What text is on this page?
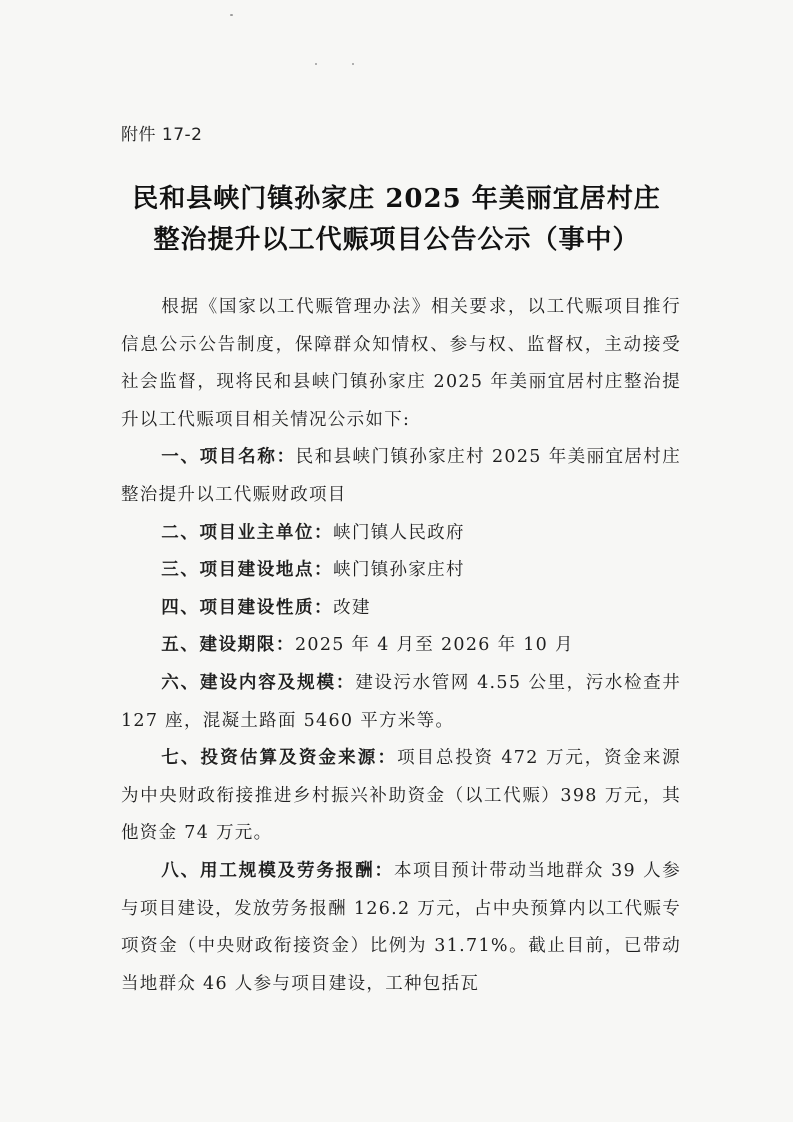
附件 17-2
民和县峡门镇孙家庄 2025 年美丽宜居村庄
整治提升以工代赈项目公告公示（事中）

根据《国家以工代赈管理办法》相关要求，以工代赈项目推行信息公示公告制度，保障群众知情权、参与权、监督权，主动接受社会监督，现将民和县峡门镇孙家庄 2025 年美丽宜居村庄整治提升以工代赈项目相关情况公示如下:

一、项目名称：民和县峡门镇孙家庄村 2025 年美丽宜居村庄整治提升以工代赈财政项目

二、项目业主单位：峡门镇人民政府

三、项目建设地点：峡门镇孙家庄村

四、项目建设性质：改建

五、建设期限：2025 年 4 月至 2026 年 10 月

六、建设内容及规模：建设污水管网 4.55 公里，污水检查井 127 座，混凝土路面 5460 平方米等。

七、投资估算及资金来源：项目总投资 472 万元，资金来源为中央财政衔接推进乡村振兴补助资金（以工代赈）398 万元，其他资金 74 万元。

八、用工规模及劳务报酬：本项目预计带动当地群众 39 人参与项目建设，发放劳务报酬 126.2 万元，占中央预算内以工代赈专项资金（中央财政衔接资金）比例为 31.71%。截止目前，已带动当地群众 46 人参与项目建设，工种包括瓦
